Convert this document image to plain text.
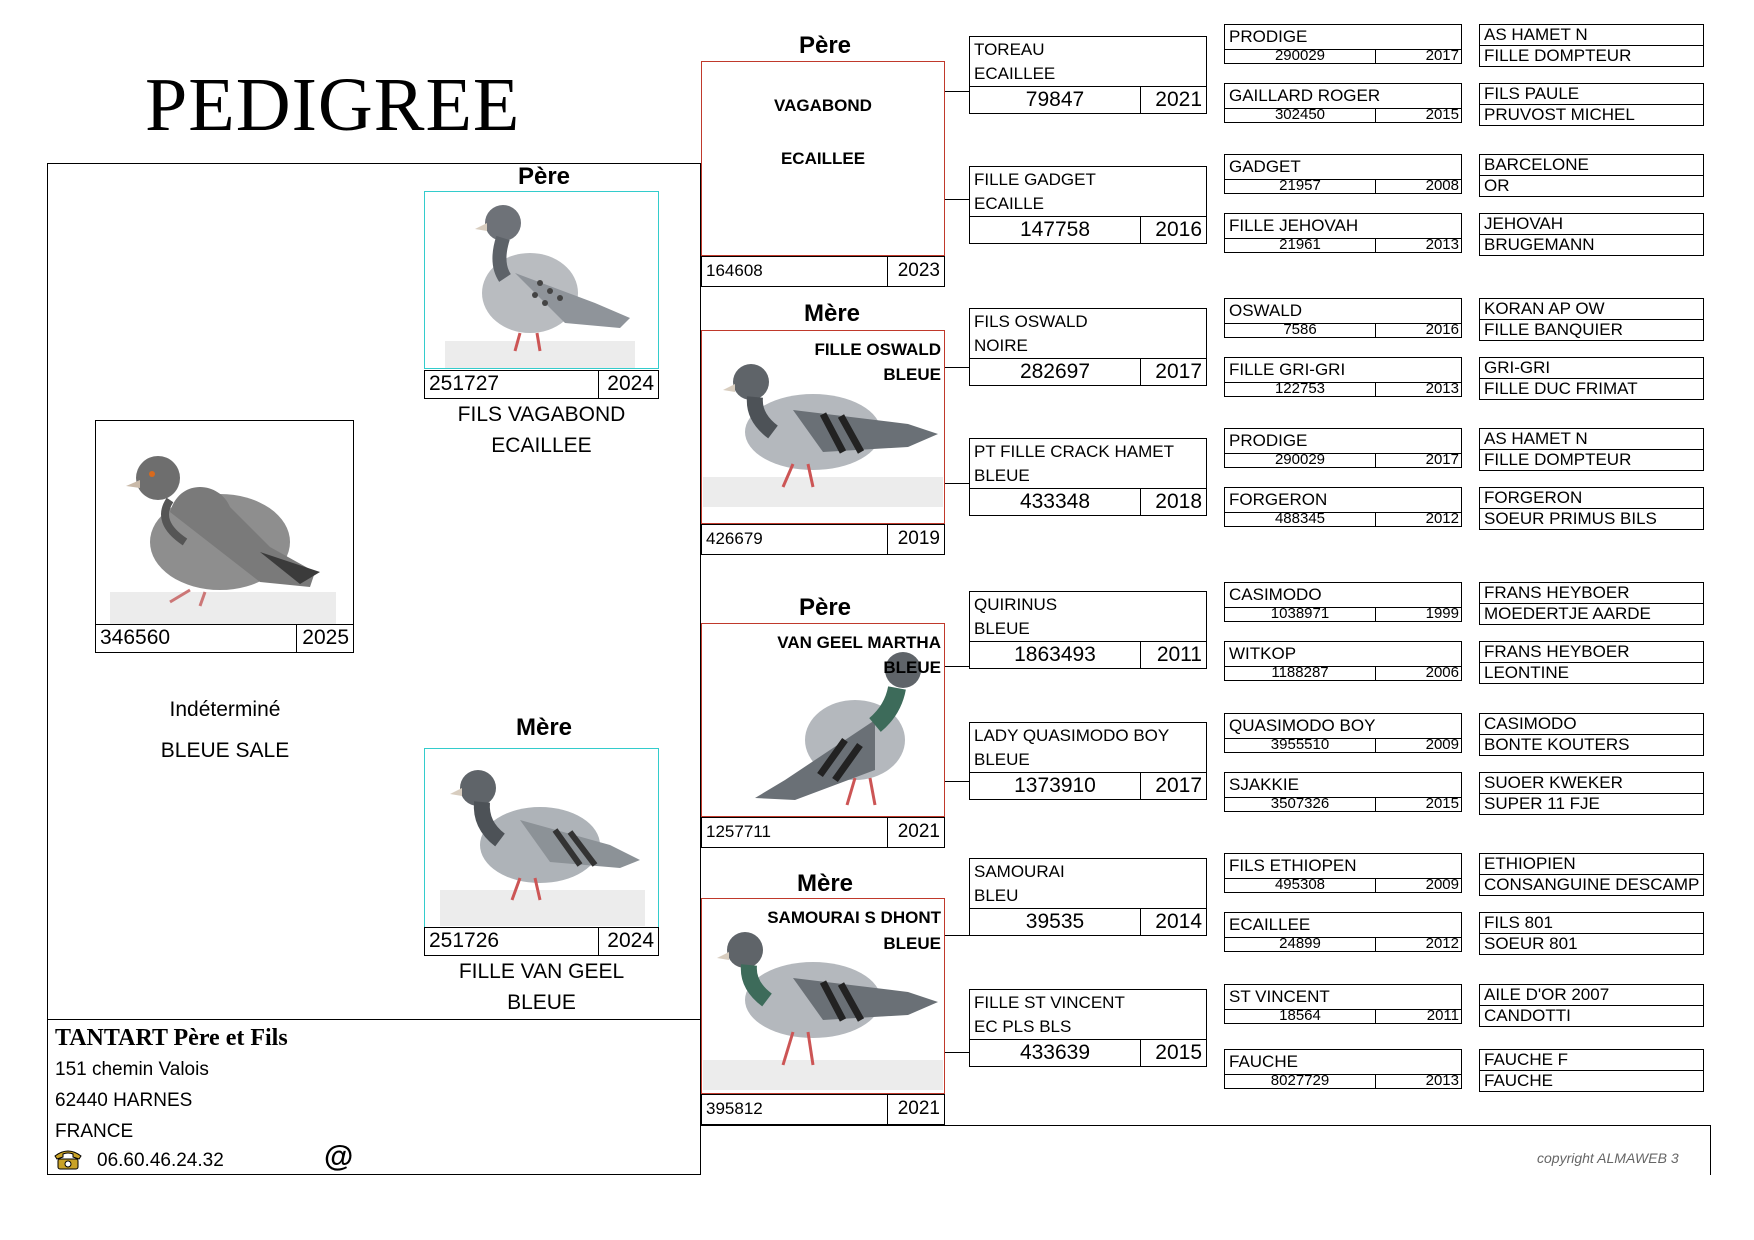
PEDIGREE
346560	2025
Indéterminé
BLEUE SALE
Père
251727	2024
FILS VAGABOND
ECAILLEE
Mère
251726	2024
FILLE VAN GEEL
BLEUE
TANTART Père et Fils
151 chemin Valois
62440 HARNES
FRANCE
06.60.46.24.32	@
Père
VAGABOND
ECAILLEE
164608	2023
Mère
FILLE OSWALD
BLEUE
426679	2019
Père
VAN GEEL MARTHA
BLEUE
1257711	2021
Mère
SAMOURAI S DHONT
BLEUE
395812	2021
TOREAU
ECAILLEE
79847	2021
FILLE GADGET
ECAILLE
147758	2016
FILS OSWALD
NOIRE
282697	2017
PT FILLE CRACK HAMET
BLEUE
433348	2018
QUIRINUS
BLEUE
1863493	2011
LADY QUASIMODO BOY
BLEUE
1373910	2017
SAMOURAI
BLEU
39535	2014
FILLE ST VINCENT
EC PLS BLS
433639	2015
PRODIGE
290029	2017
GAILLARD ROGER
302450	2015
GADGET
21957	2008
FILLE JEHOVAH
21961	2013
OSWALD
7586	2016
FILLE GRI-GRI
122753	2013
PRODIGE
290029	2017
FORGERON
488345	2012
CASIMODO
1038971	1999
WITKOP
1188287	2006
QUASIMODO BOY
3955510	2009
SJAKKIE
3507326	2015
FILS ETHIOPEN
495308	2009
ECAILLEE
24899	2012
ST VINCENT
18564	2011
FAUCHE
8027729	2013
AS HAMET N
FILLE DOMPTEUR
FILS PAULE
PRUVOST MICHEL
BARCELONE
OR
JEHOVAH
BRUGEMANN
KORAN AP OW
FILLE BANQUIER
GRI-GRI
FILLE DUC FRIMAT
AS HAMET N
FILLE DOMPTEUR
FORGERON
SOEUR PRIMUS BILS
FRANS HEYBOER
MOEDERTJE AARDE
FRANS HEYBOER
LEONTINE
CASIMODO
BONTE KOUTERS
SUOER KWEKER
SUPER 11 FJE
ETHIOPIEN
CONSANGUINE DESCAMP
FILS 801
SOEUR 801
AILE D'OR 2007
CANDOTTI
FAUCHE F
FAUCHE
copyright ALMAWEB 3
